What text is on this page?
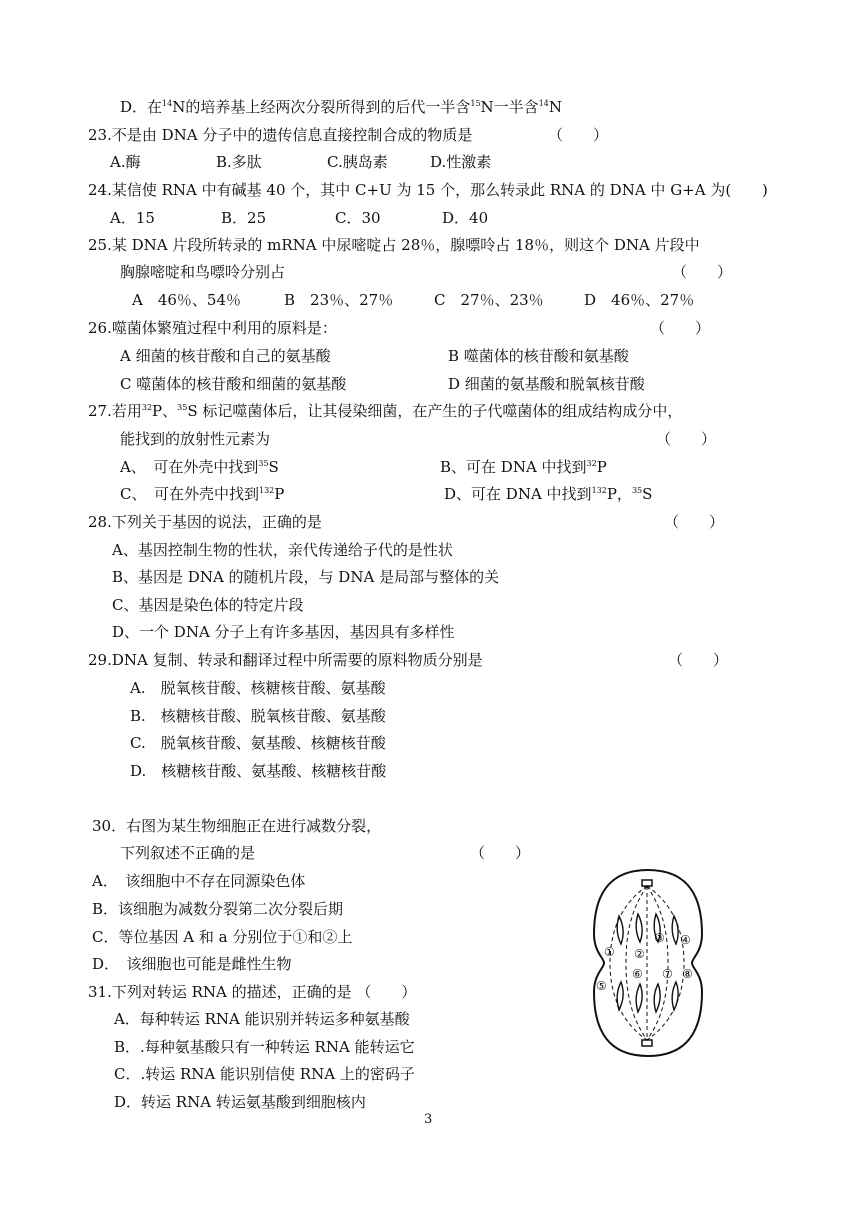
D．在$^{14}$N的培养基上经两次分裂所得到的后代一半含$^{15}$N一半含$^{14}$N
23.不是由 DNA 分子中的遗传信息直接控制合成的物质是	（　　）
A.酶	B.多肽	C.胰岛素	D.性激素
24.某信使 RNA 中有碱基 40 个，其中 C+U 为 15 个，那么转录此 RNA 的 DNA 中 G+A 为( )
A．15	B．25	C．30	D．40
25.某 DNA 片段所转录的 mRNA 中尿嘧啶占 28％，腺嘌呤占 18％，则这个 DNA 片段中
胸腺嘧啶和鸟嘌呤分别占	（　　）
A　46％、54％	B　23％、27％	C　27％、23％	D　46％、27％
26.噬菌体繁殖过程中利用的原料是：	（　　）
A 细菌的核苷酸和自己的氨基酸	B 噬菌体的核苷酸和氨基酸
C 噬菌体的核苷酸和细菌的氨基酸	D 细菌的氨基酸和脱氧核苷酸
27.若用$^{32}$P、$^{35}$S 标记噬菌体后，让其侵染细菌，在产生的子代噬菌体的组成结构成分中，
能找到的放射性元素为	（　　）
A、　可在外壳中找到$^{35}$S	B、可在 DNA 中找到$^{32}$P
C、　可在外壳中找到$^{132}$P	D、可在 DNA 中找到$^{132}$P，$^{35}$S
28.下列关于基因的说法，正确的是	（　　）
A、基因控制生物的性状，亲代传递给子代的是性状
B、基因是 DNA 的随机片段，与 DNA 是局部与整体的关
C、基因是染色体的特定片段
D、一个 DNA 分子上有许多基因，基因具有多样性
29.DNA 复制、转录和翻译过程中所需要的原料物质分别是	（　　）
A.　脱氧核苷酸、核糖核苷酸、氨基酸
B.　核糖核苷酸、脱氧核苷酸、氨基酸
C.　脱氧核苷酸、氨基酸、核糖核苷酸
D.　核糖核苷酸、氨基酸、核糖核苷酸
30．右图为某生物细胞正在进行减数分裂，
下列叙述不正确的是	（　　）
A．　该细胞中不存在同源染色体
B．该细胞为减数分裂第二次分裂后期
C．等位基因 A 和 a 分别位于①和②上
D．　该细胞也可能是雌性生物
31.下列对转运 RNA 的描述，正确的是 （　　）
A．每种转运 RNA 能识别并转运多种氨基酸
B．.每种氨基酸只有一种转运 RNA 能转运它
C．.转运 RNA 能识别信使 RNA 上的密码子
D．转运 RNA 转运氨基酸到细胞核内
① ②
③ ④
⑤
⑥ ⑦ ⑧
3
